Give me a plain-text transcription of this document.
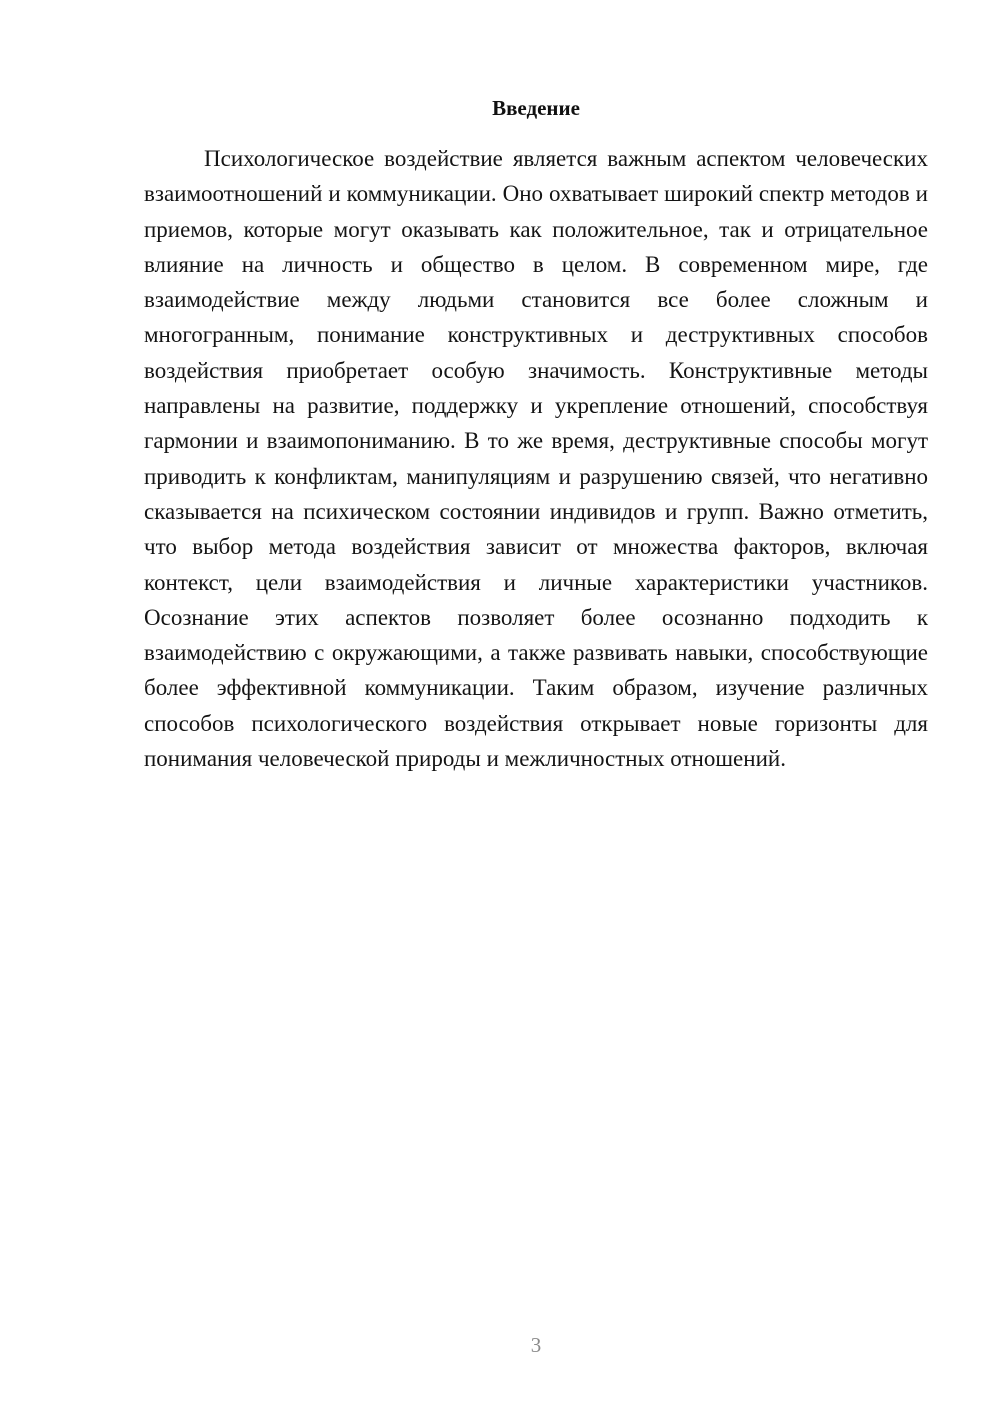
Введение

Психологическое воздействие является важным аспектом человеческих взаимоотношений и коммуникации. Оно охватывает широкий спектр методов и приемов, которые могут оказывать как положительное, так и отрицательное влияние на личность и общество в целом. В современном мире, где взаимодействие между людьми становится все более сложным и многогранным, понимание конструктивных и деструктивных способов воздействия приобретает особую значимость. Конструктивные методы направлены на развитие, поддержку и укрепление отношений, способствуя гармонии и взаимопониманию. В то же время, деструктивные способы могут приводить к конфликтам, манипуляциям и разрушению связей, что негативно сказывается на психическом состоянии индивидов и групп. Важно отметить, что выбор метода воздействия зависит от множества факторов, включая контекст, цели взаимодействия и личные характеристики участников. Осознание этих аспектов позволяет более осознанно подходить к взаимодействию с окружающими, а также развивать навыки, способствующие более эффективной коммуникации. Таким образом, изучение различных способов психологического воздействия открывает новые горизонты для понимания человеческой природы и межличностных отношений.

3
